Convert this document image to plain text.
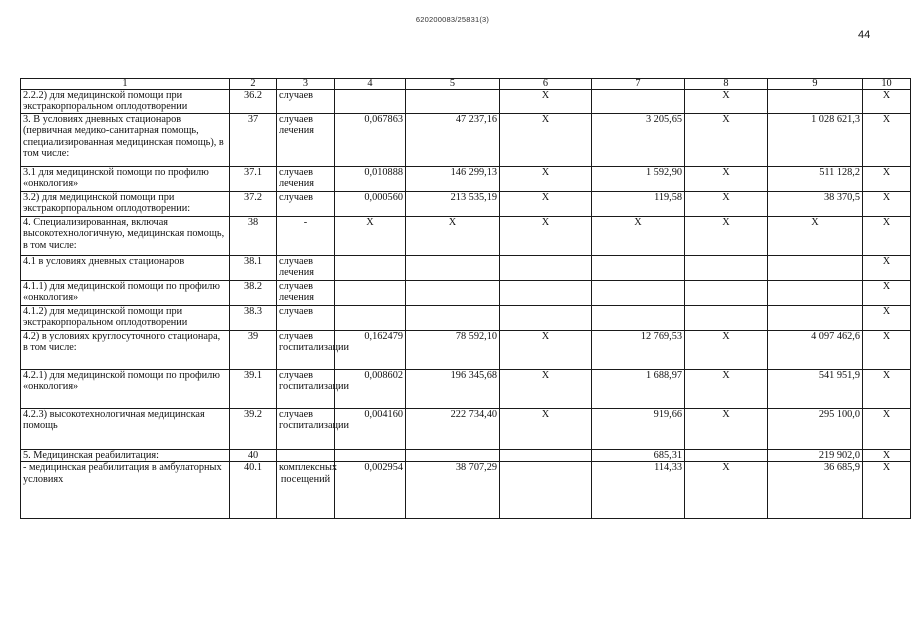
620200083/25831(3)
44
1	2	3	4	5	6	7	8	9	10
2.2.2) для медицинской помощи при экстракорпоральном оплодотворении	36.2	случаев			Х		Х		Х
3. В условиях дневных стационаров (первичная медико-санитарная помощь, специализированная медицинская помощь), в том числе:	37	случаев лечения	0,067863	47 237,16	Х	3 205,65	Х	1 028 621,3	Х
3.1 для медицинской помощи по профилю «онкология»	37.1	случаев лечения	0,010888	146 299,13	Х	1 592,90	Х	511 128,2	Х
3.2) для медицинской помощи при экстракорпоральном оплодотворении:	37.2	случаев	0,000560	213 535,19	Х	119,58	Х	38 370,5	Х
4. Специализированная, включая высокотехнологичную, медицинская помощь, в том числе:	38	-	Х	Х	Х	Х	Х	Х	Х
4.1 в условиях дневных стационаров	38.1	случаев лечения							Х
4.1.1) для медицинской помощи по профилю «онкология»	38.2	случаев лечения							Х
4.1.2) для медицинской помощи при экстракорпоральном оплодотворении	38.3	случаев							Х
4.2) в условиях круглосуточного стационара, в том числе:	39	случаев госпитализации	0,162479	78 592,10	Х	12 769,53	Х	4 097 462,6	Х
4.2.1) для медицинской помощи по профилю «онкология»	39.1	случаев госпитализации	0,008602	196 345,68	Х	1 688,97	Х	541 951,9	Х
4.2.3) высокотехнологичная медицинская помощь	39.2	случаев госпитализации	0,004160	222 734,40	Х	919,66	Х	295 100,0	Х
5. Медицинская реабилитация:	40					685,31		219 902,0	Х
- медицинская реабилитация в амбулаторных условиях	40.1	комплексных посещений	0,002954	38 707,29		114,33	Х	36 685,9	Х
